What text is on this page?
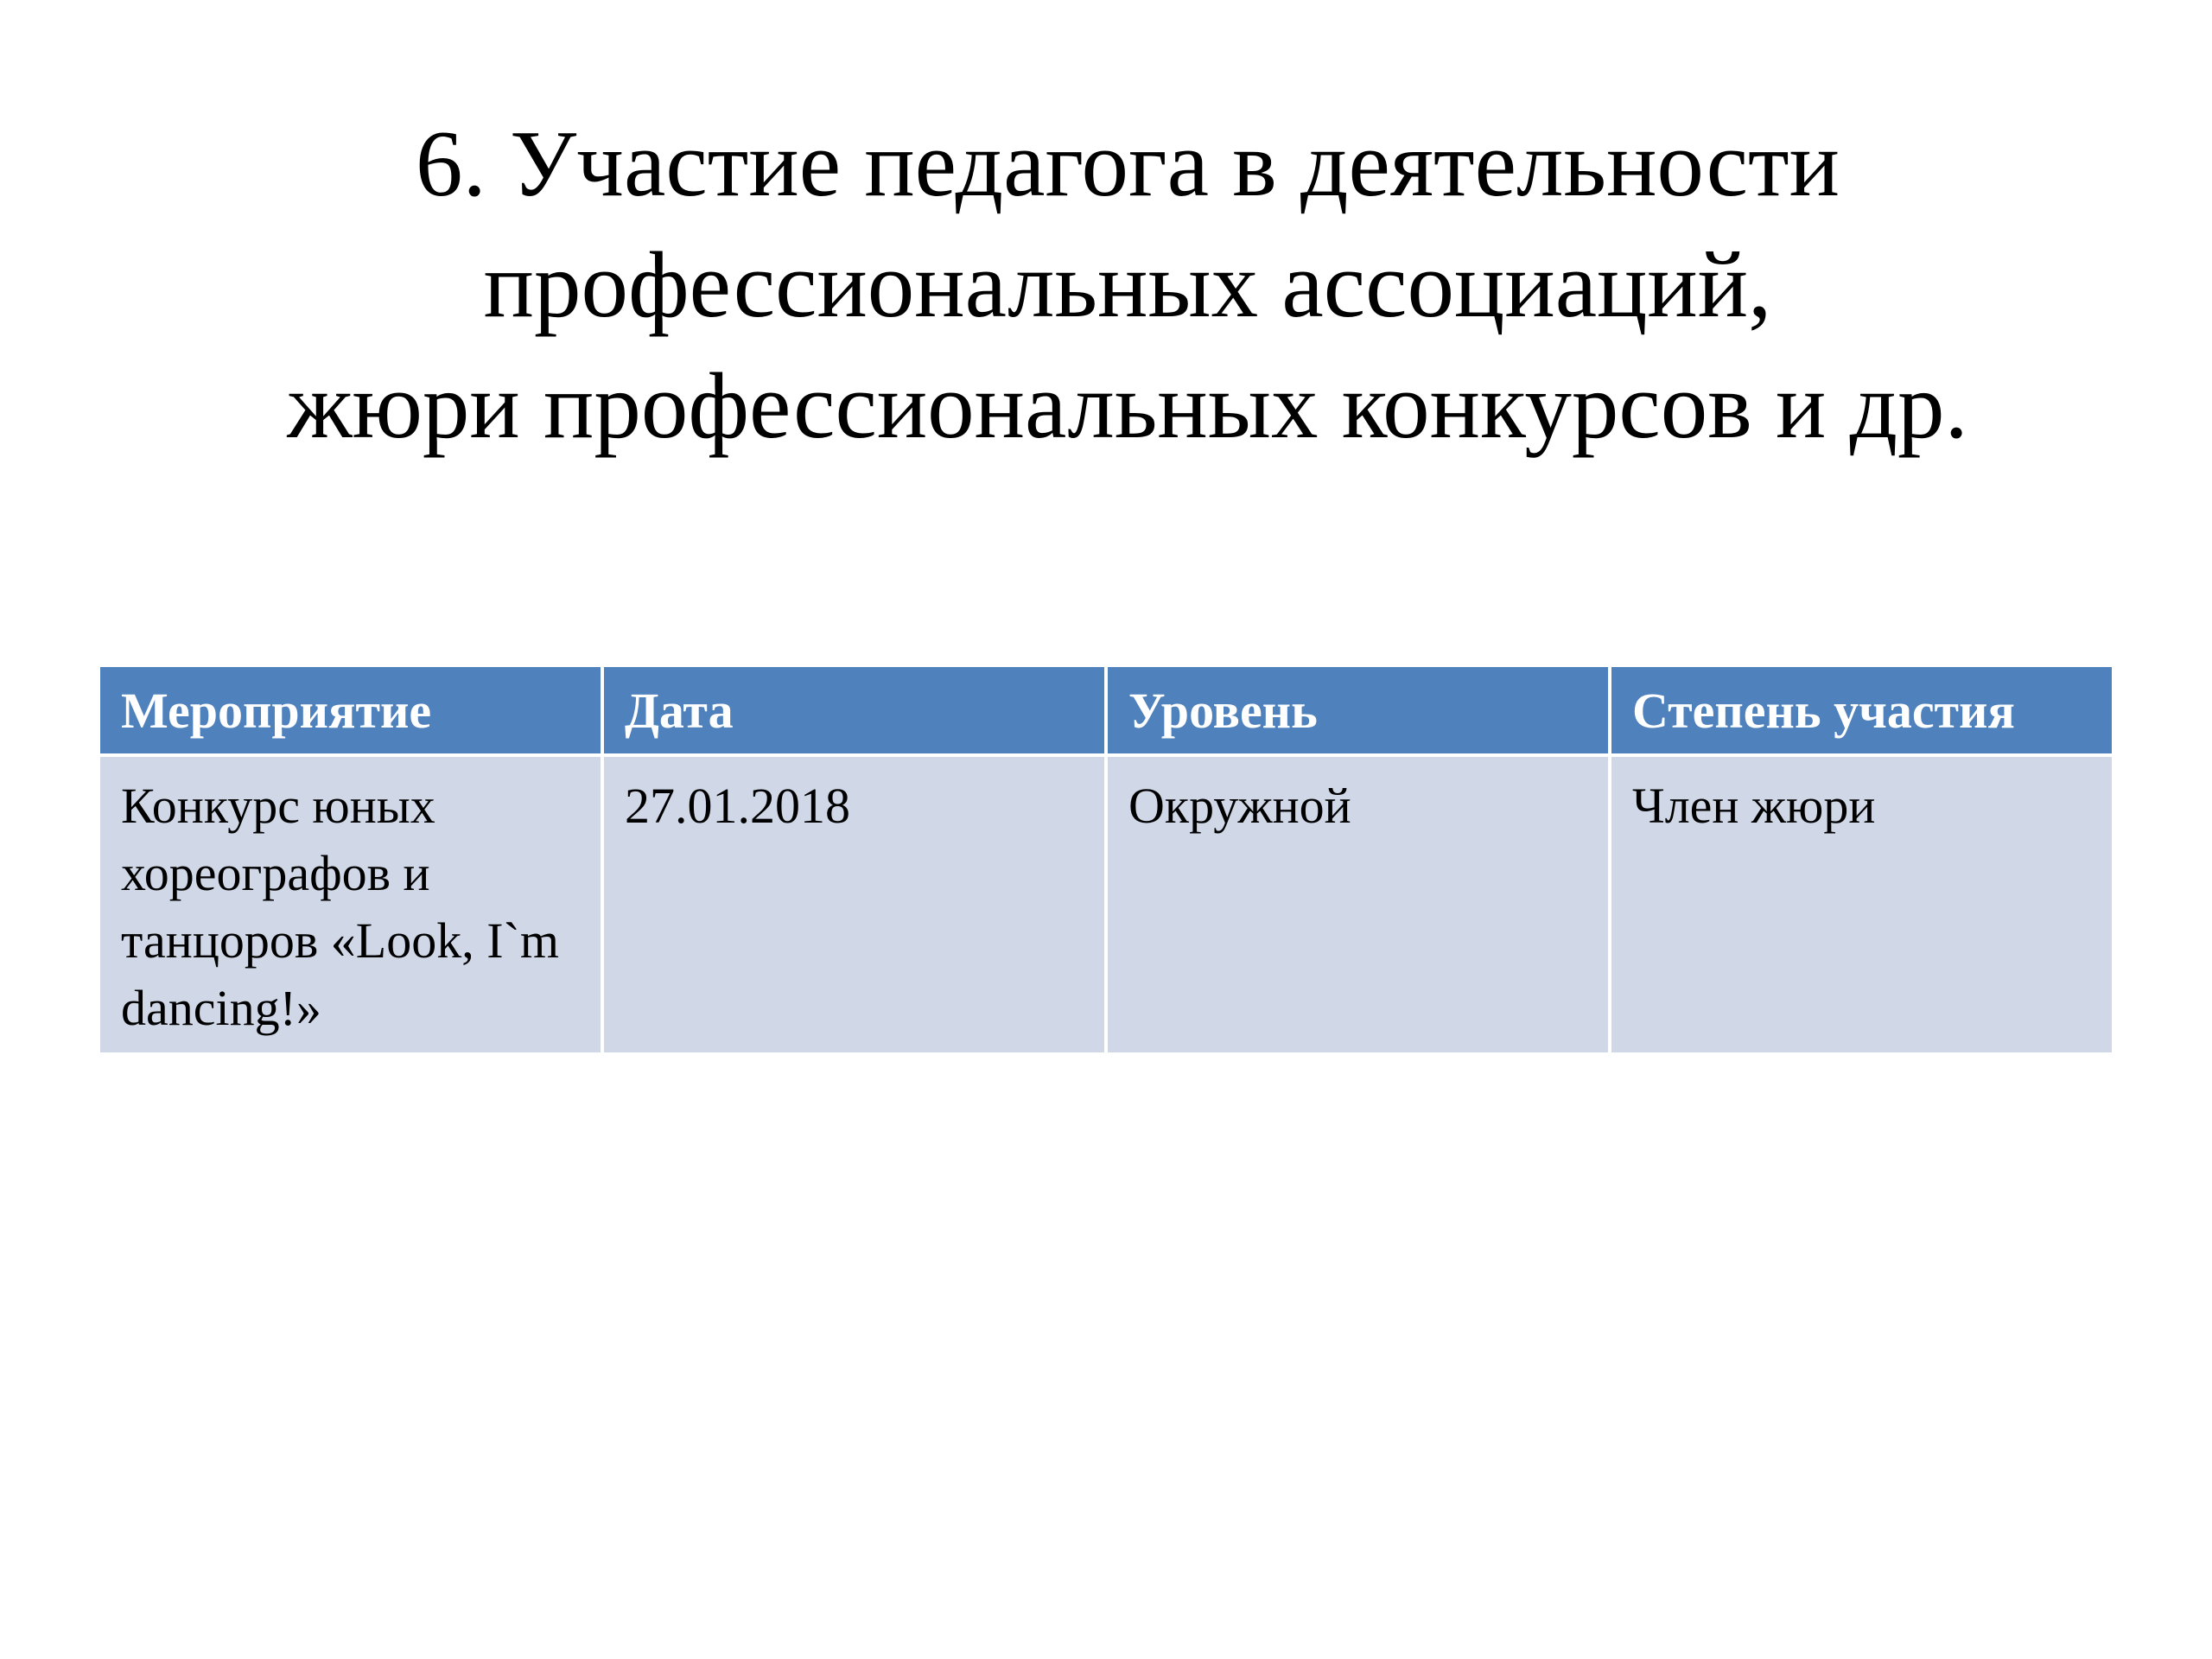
6. Участие педагога в деятельности
профессиональных ассоциаций,
жюри профессиональных конкурсов и др.
Мероприятие	Дата	Уровень	Степень участия
Конкурс юных хореографов и танцоров «Look, I`m dancing!»	27.01.2018	Окружной	Член жюри
